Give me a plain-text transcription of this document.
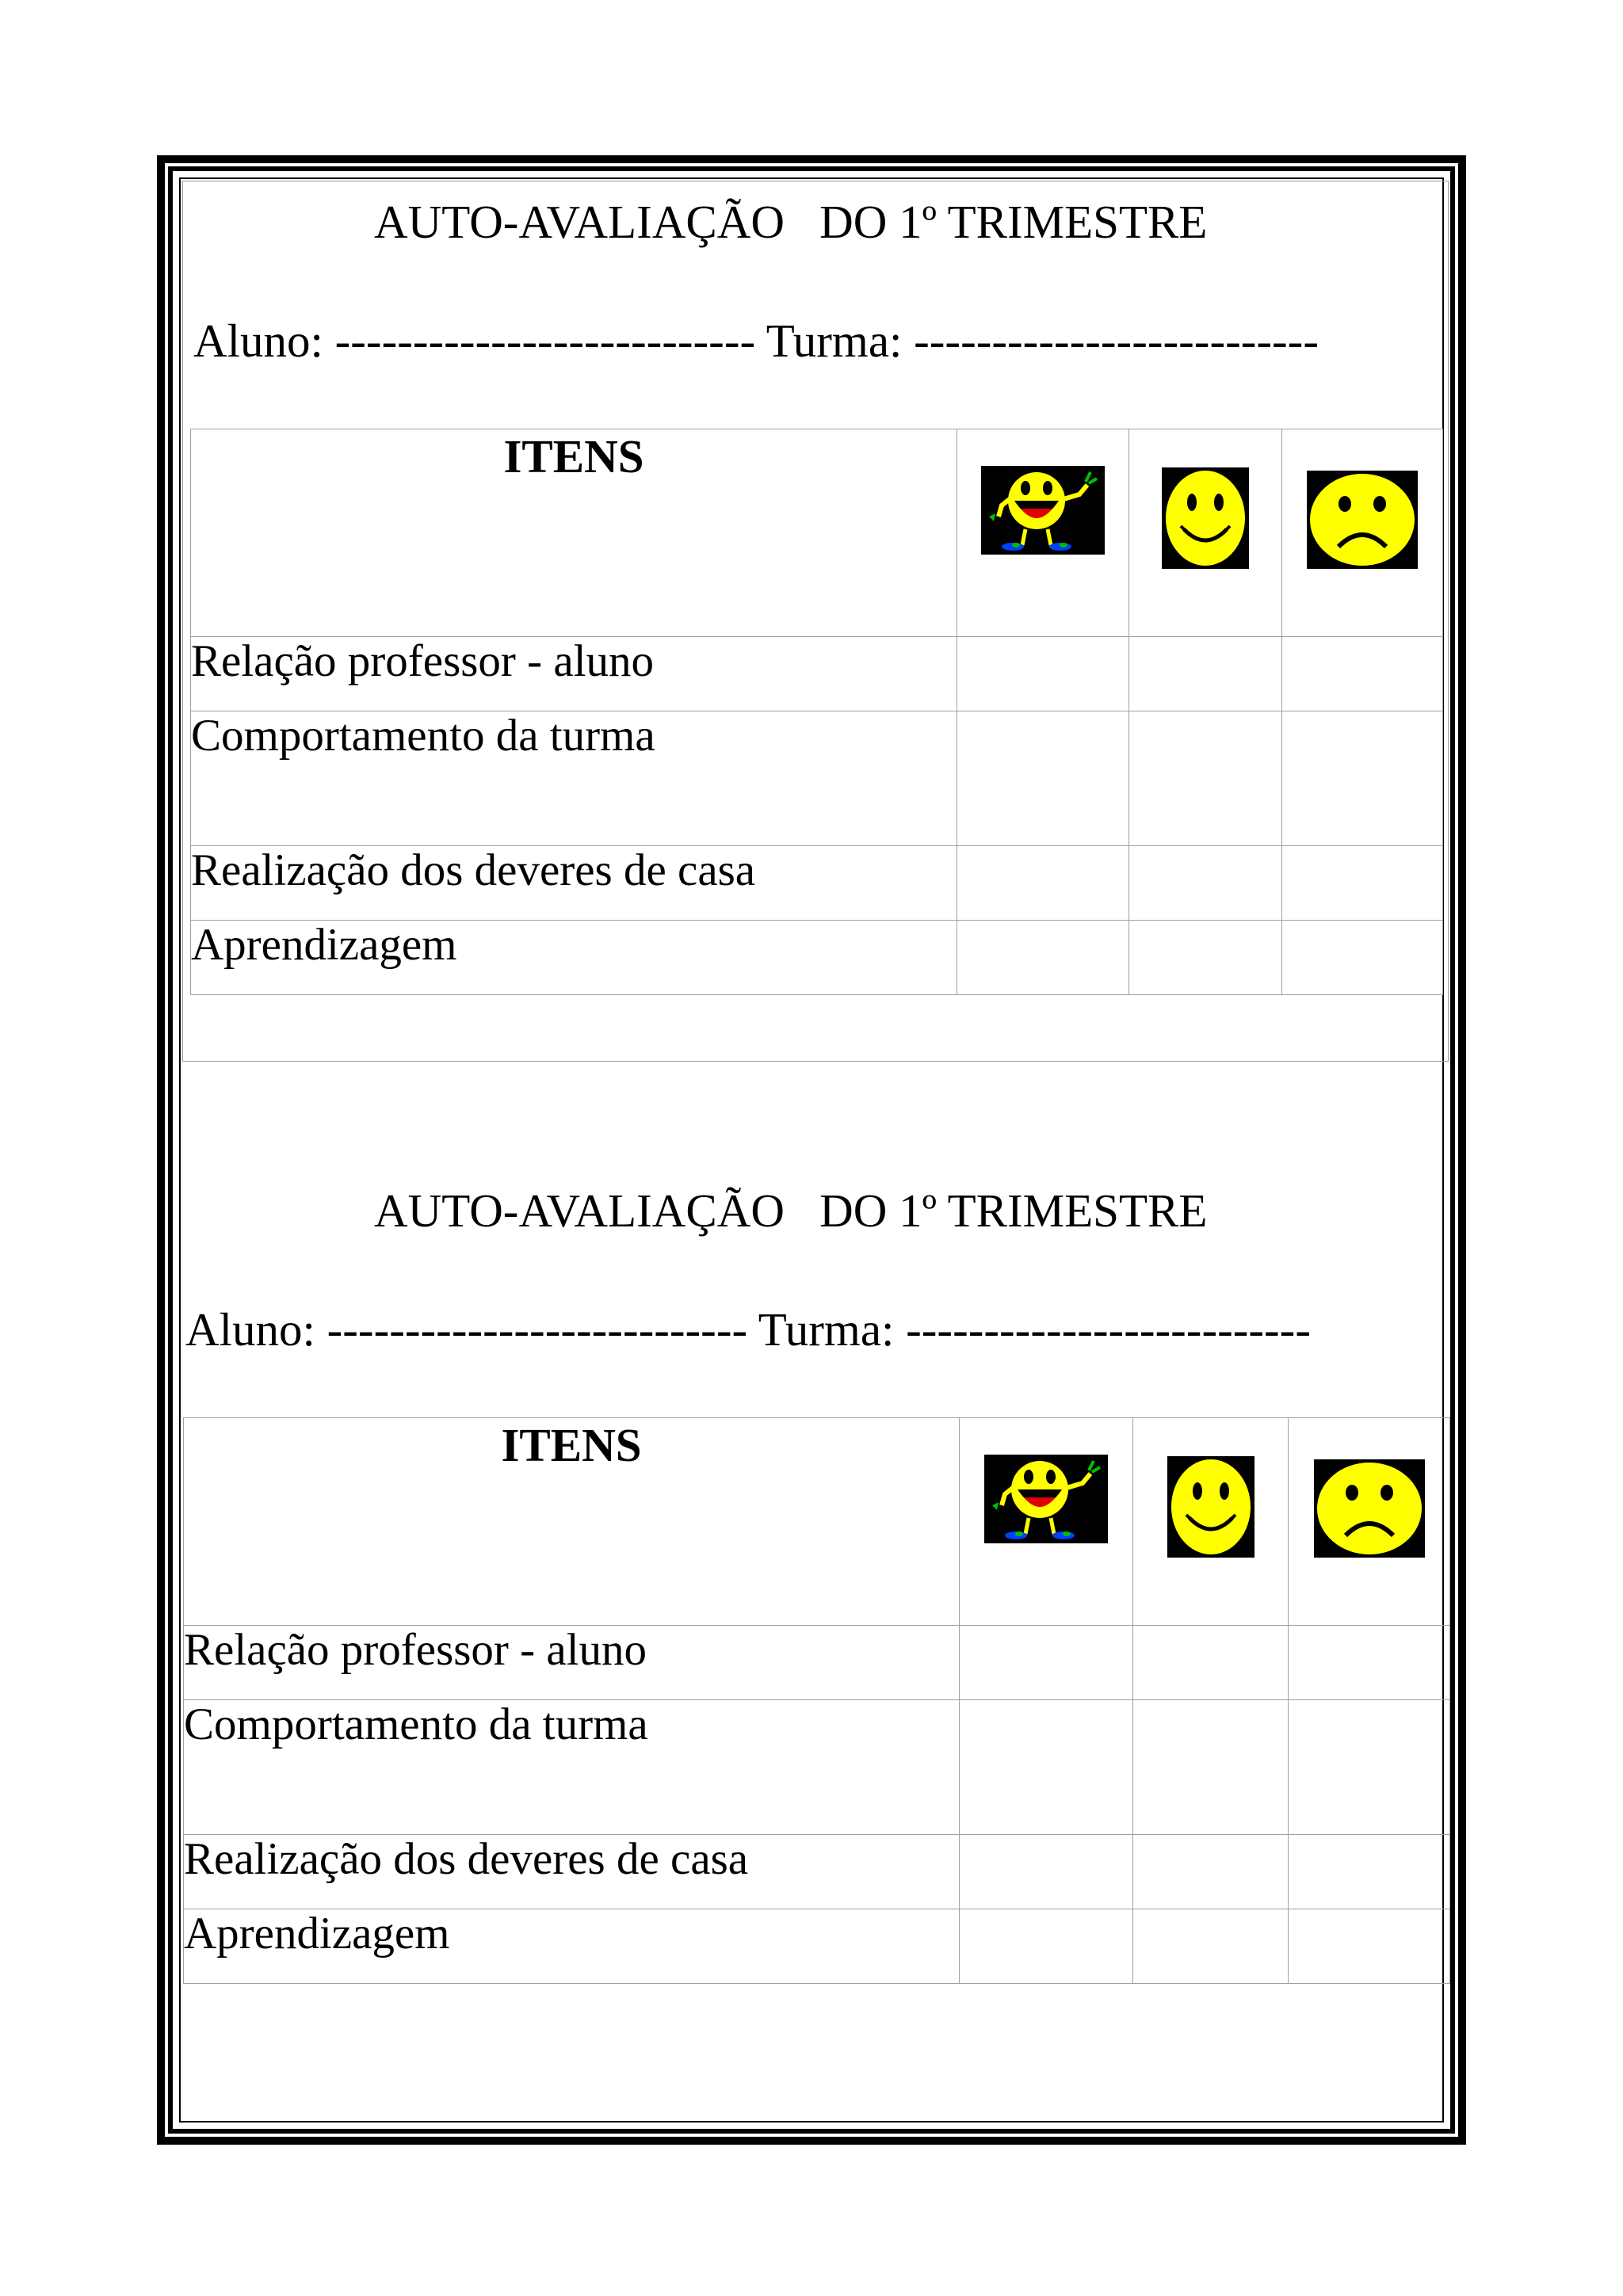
AUTO-AVALIAÇÃO   DO 1º TRIMESTRE
Aluno: --------------------------- Turma: --------------------------
ITENS			
Relação professor - aluno			
Comportamento da turma			
Realização dos deveres de casa			
Aprendizagem			
AUTO-AVALIAÇÃO   DO 1º TRIMESTRE
Aluno: --------------------------- Turma: --------------------------
ITENS			
Relação professor - aluno			
Comportamento da turma			
Realização dos deveres de casa			
Aprendizagem			
